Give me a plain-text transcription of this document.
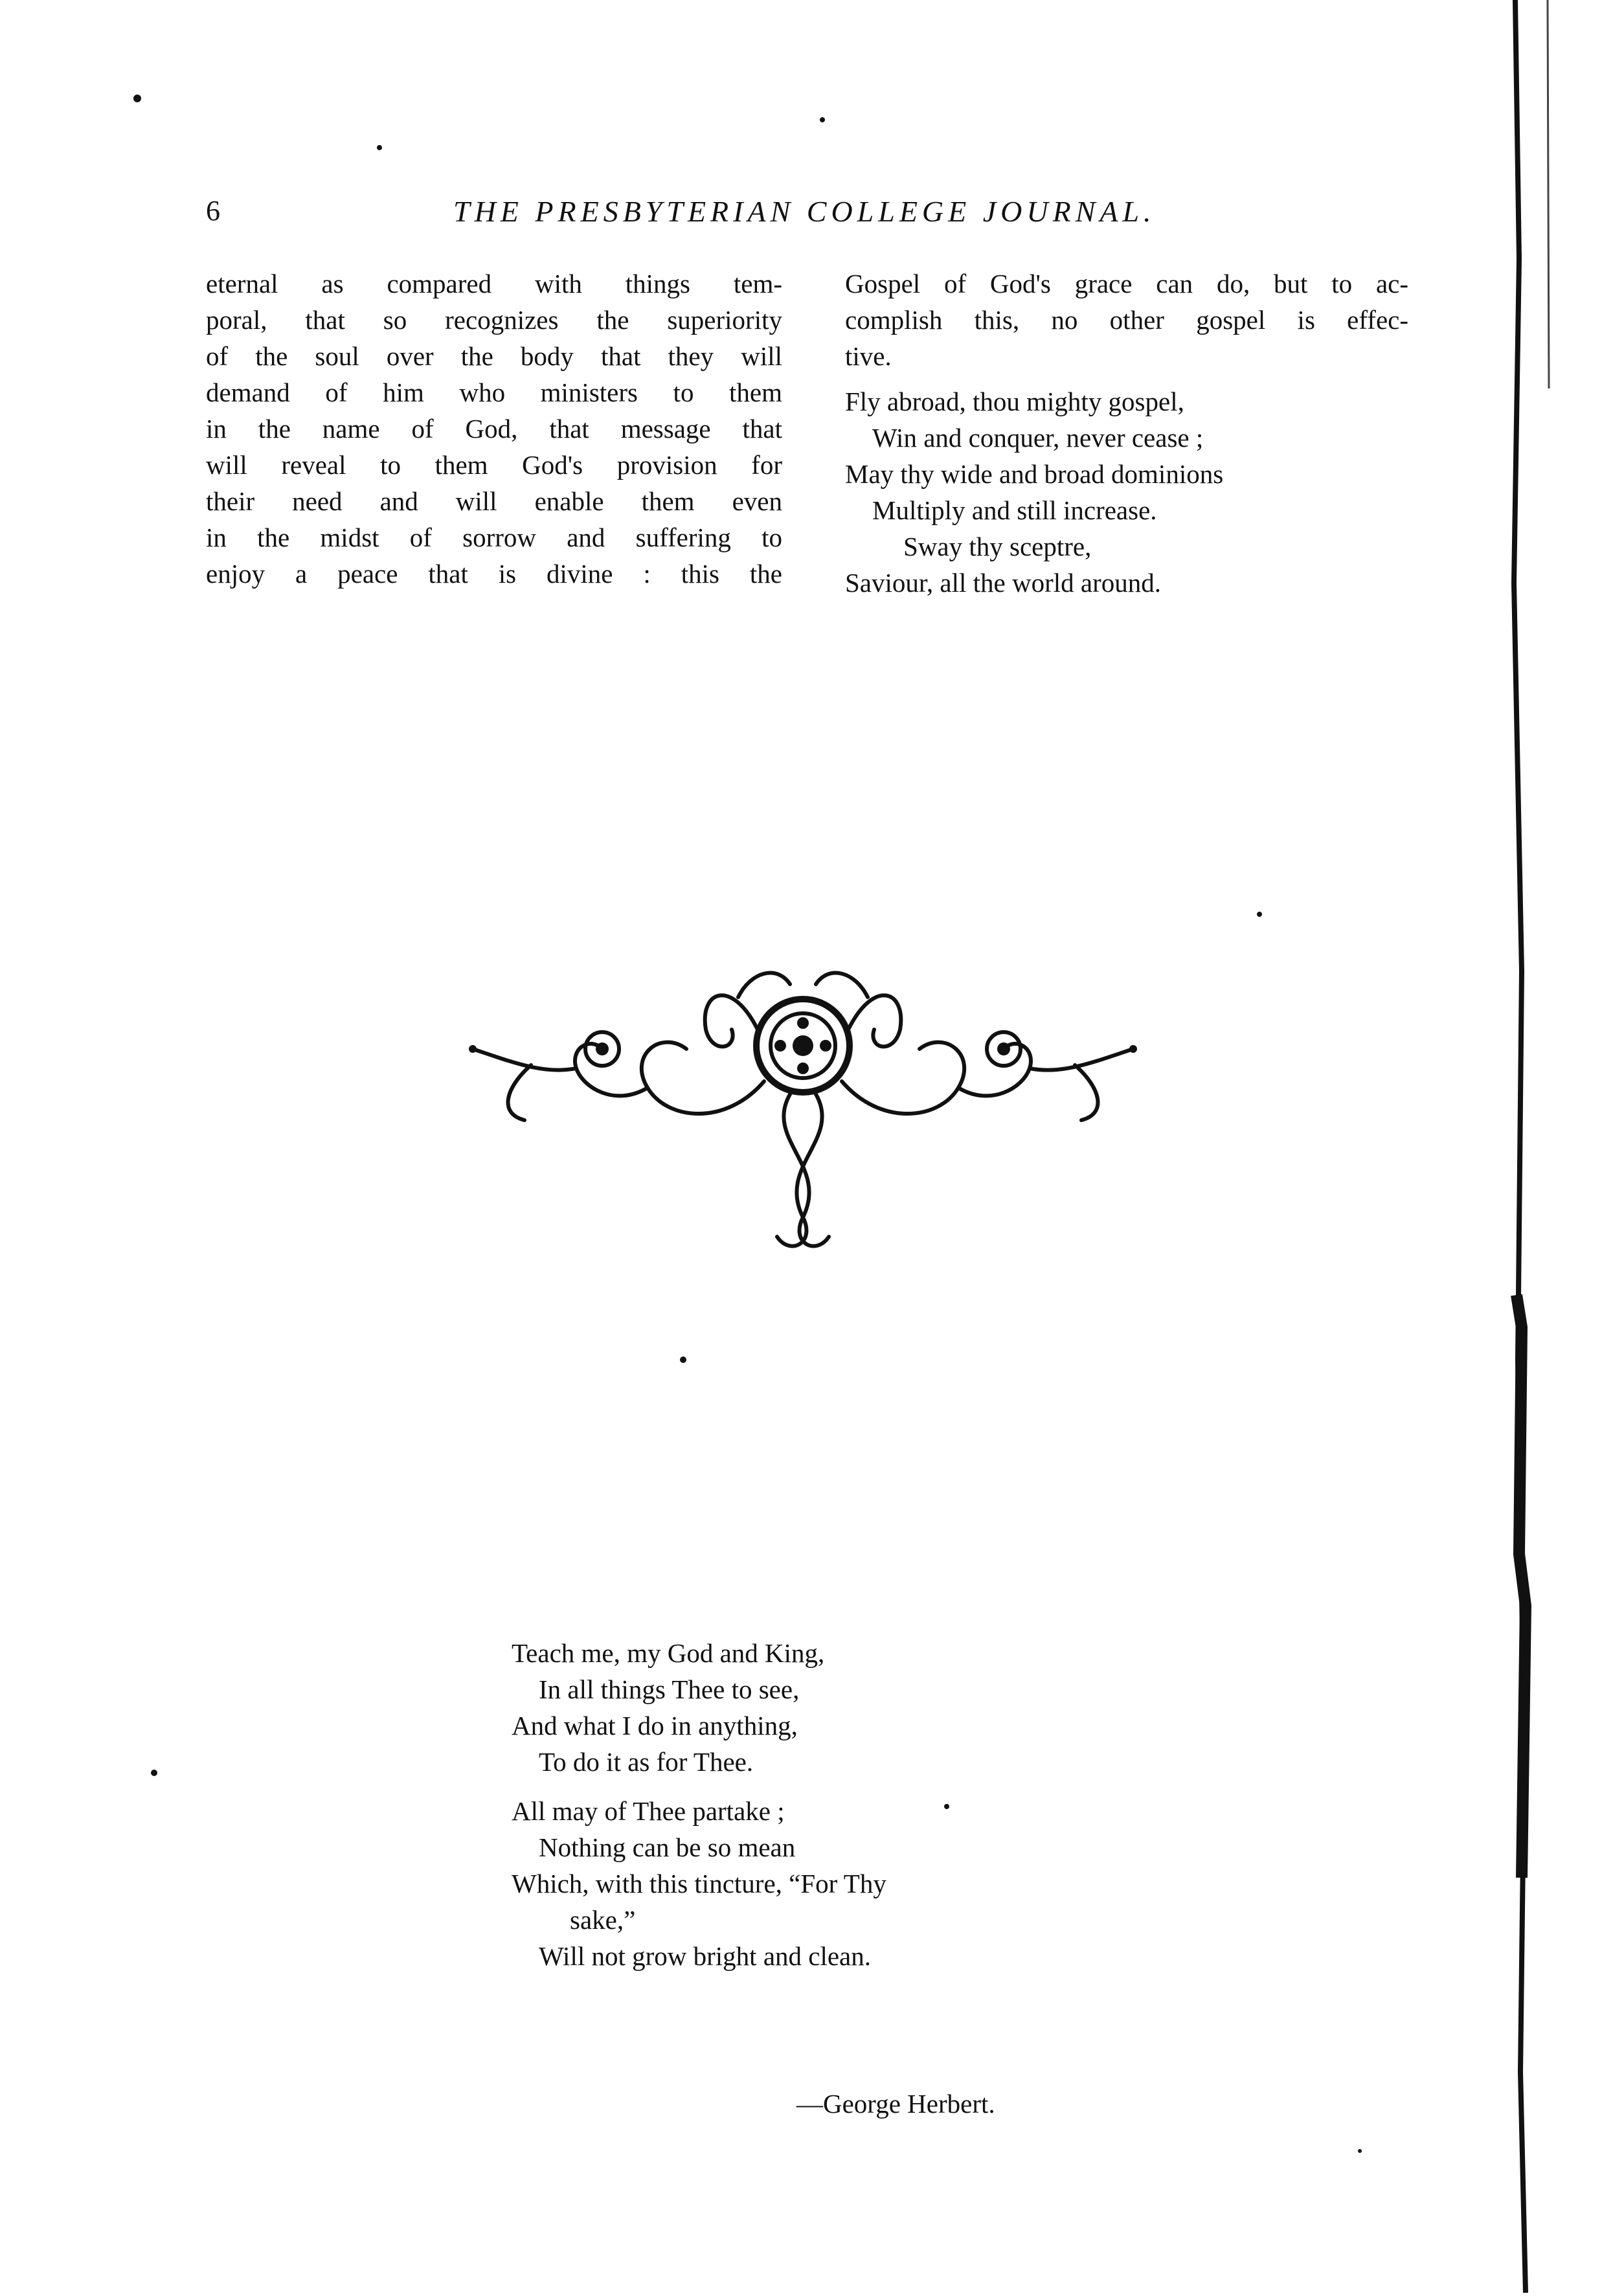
6	THE PRESBYTERIAN COLLEGE JOURNAL.
eternal as compared with things tem-
poral, that so recognizes the superiority
of the soul over the body that they will
demand of him who ministers to them
in the name of God, that message that
will reveal to them God's provision for
their need and will enable them even
in the midst of sorrow and suffering to
enjoy a peace that is divine : this the
Gospel of God's grace can do, but to ac-
complish this, no other gospel is effec-
tive.
Fly abroad, thou mighty gospel,
Win and conquer, never cease ;
May thy wide and broad dominions
Multiply and still increase.
Sway thy sceptre,
Saviour, all the world around.
Teach me, my God and King,
In all things Thee to see,
And what I do in anything,
To do it as for Thee.
All may of Thee partake ;
Nothing can be so mean
Which, with this tincture, “For Thy
sake,”
Will not grow bright and clean.
—George Herbert.
